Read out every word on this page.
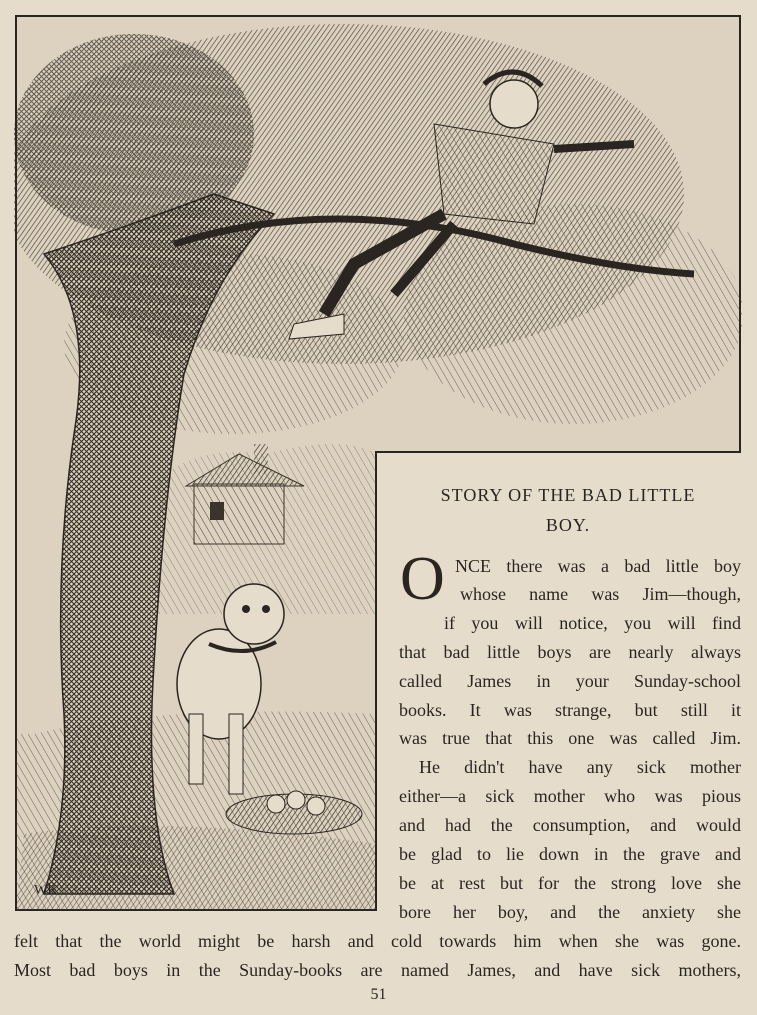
WK
STORY OF THE BAD LITTLE
BOY.
O NCE there was a bad little boy
whose name was Jim—though,
if you will notice, you will find
that bad little boys are nearly always
called James in your Sunday-school
books. It was strange, but still it
was true that this one was called Jim.
He didn't have any sick mother
either—a sick mother who was pious
and had the consumption, and would
be glad to lie down in the grave and
be at rest but for the strong love she
bore her boy, and the anxiety she
felt that the world might be harsh and cold towards him when she was gone.
Most bad boys in the Sunday-books are named James, and have sick mothers,
51
